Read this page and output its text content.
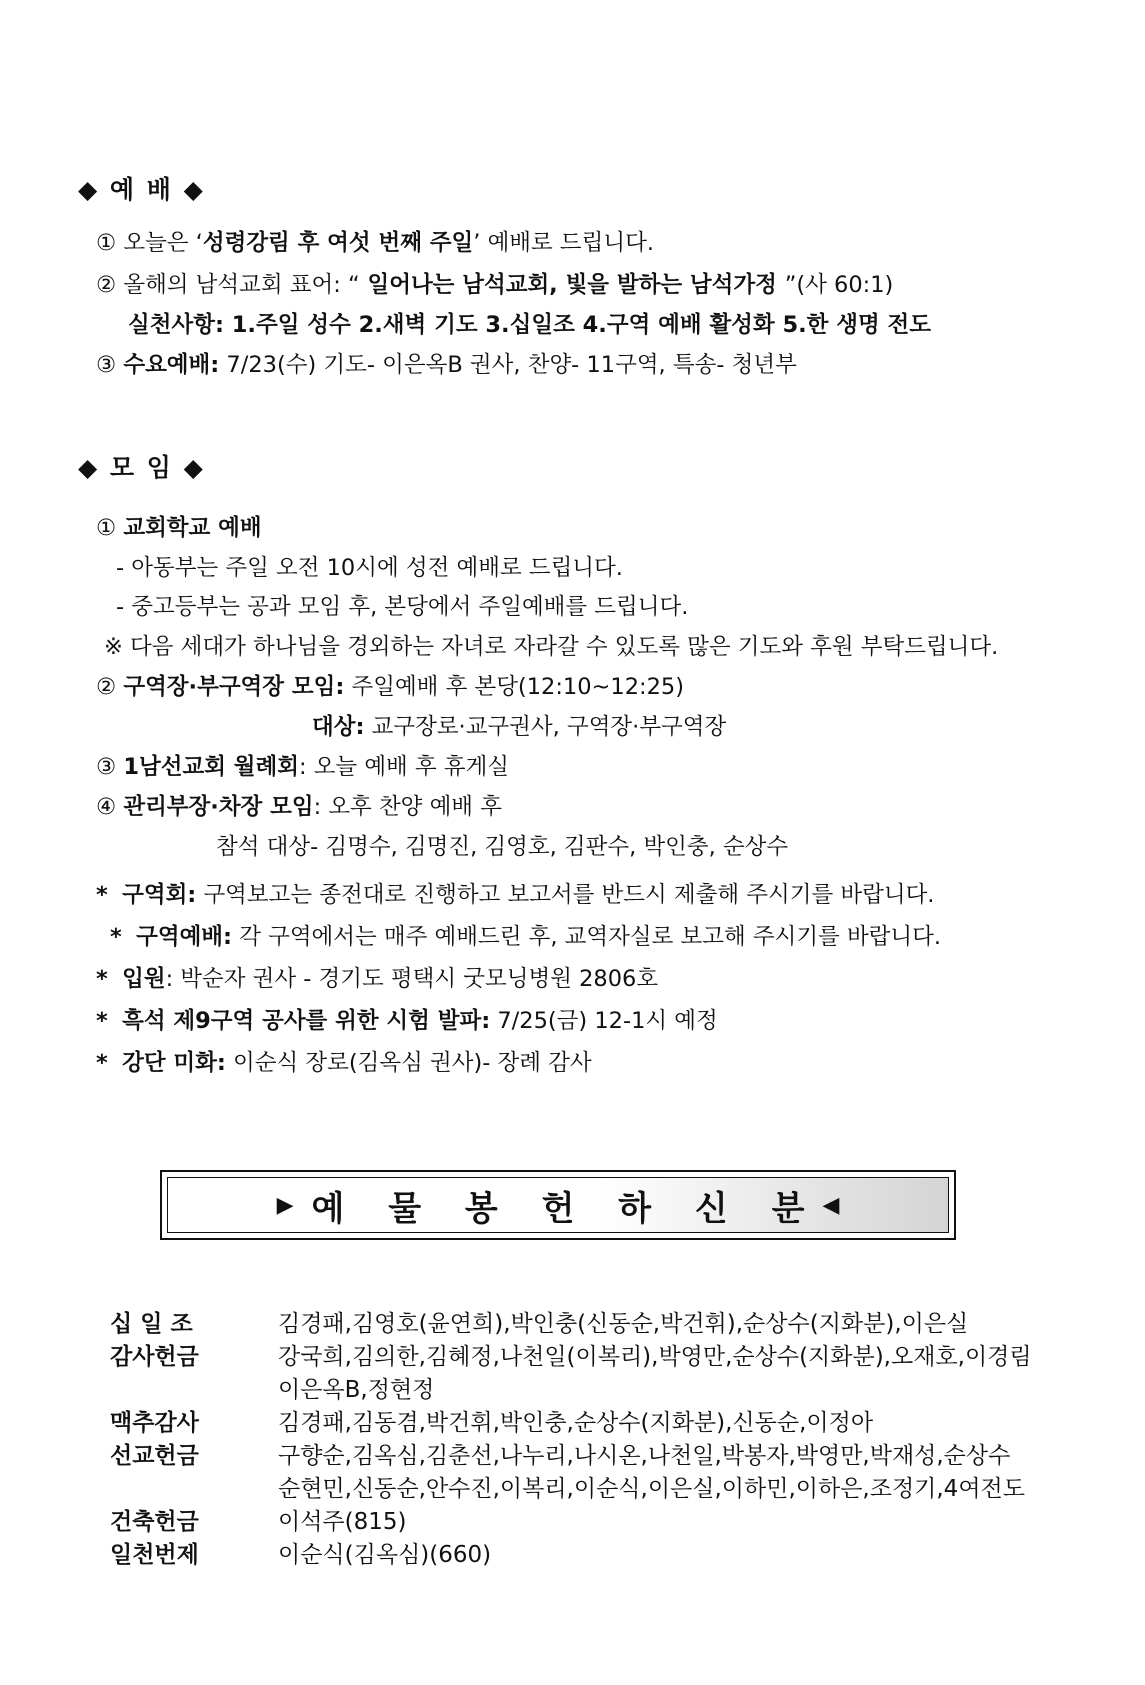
◆ 예 배 ◆
① 오늘은 ‘성령강림 후 여섯 번째 주일’ 예배로 드립니다.
② 올해의 남석교회 표어: “ 일어나는 남석교회, 빛을 발하는 남석가정 ”(사 60:1)
실천사항: 1.주일 성수 2.새벽 기도 3.십일조 4.구역 예배 활성화 5.한 생명 전도
③ 수요예배: 7/23(수) 기도- 이은옥B 권사, 찬양- 11구역, 특송- 청년부
◆ 모 임 ◆
① 교회학교 예배
- 아동부는 주일 오전 10시에 성전 예배로 드립니다.
- 중고등부는 공과 모임 후, 본당에서 주일예배를 드립니다.
※ 다음 세대가 하나님을 경외하는 자녀로 자라갈 수 있도록 많은 기도와 후원 부탁드립니다.
② 구역장·부구역장 모임: 주일예배 후 본당(12:10~12:25)
대상: 교구장로·교구권사, 구역장·부구역장
③ 1남선교회 월례회: 오늘 예배 후 휴게실
④ 관리부장·차장 모임: 오후 찬양 예배 후
참석 대상- 김명수, 김명진, 김영호, 김판수, 박인충, 순상수
* 구역회: 구역보고는 종전대로 진행하고 보고서를 반드시 제출해 주시기를 바랍니다.
* 구역예배: 각 구역에서는 매주 예배드린 후, 교역자실로 보고해 주시기를 바랍니다.
* 입원: 박순자 권사 - 경기도 평택시 굿모닝병원 2806호
* 흑석 제9구역 공사를 위한 시험 발파: 7/25(금) 12-1시 예정
* 강단 미화: 이순식 장로(김옥심 권사)- 장례 감사
▶ 예 물 봉 헌 하 신 분 ◀
십 일 조	김경패,김영호(윤연희),박인충(신동순,박건휘),순상수(지화분),이은실
감사헌금	강국희,김의한,김혜정,나천일(이복리),박영만,순상수(지화분),오재호,이경림
이은옥B,정현정
맥추감사	김경패,김동겸,박건휘,박인충,순상수(지화분),신동순,이정아
선교헌금	구향순,김옥심,김춘선,나누리,나시온,나천일,박봉자,박영만,박재성,순상수
순현민,신동순,안수진,이복리,이순식,이은실,이하민,이하은,조정기,4여전도
건축헌금	이석주(815)
일천번제	이순식(김옥심)(660)
